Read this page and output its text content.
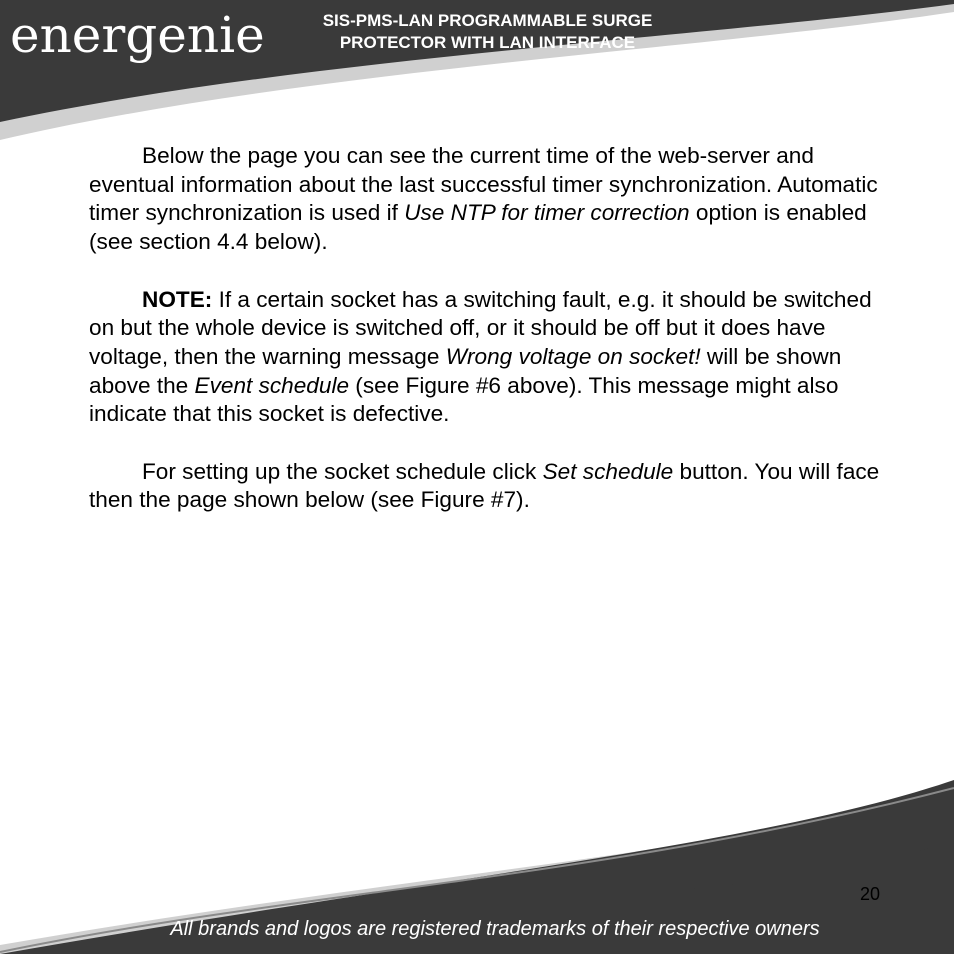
energenie	SIS-PMS-LAN PROGRAMMABLE SURGE
PROTECTOR WITH LAN INTERFACE

Below the page you can see the current time of the web-server and eventual information about the last successful timer synchronization. Automatic timer synchronization is used if Use NTP for timer correction option is enabled (see section 4.4 below).

NOTE: If a certain socket has a switching fault, e.g. it should be switched on but the whole device is switched off, or it should be off but it does have voltage, then the warning message Wrong voltage on socket! will be shown above the Event schedule (see Figure #6 above). This message might also indicate that this socket is defective.

For setting up the socket schedule click Set schedule button. You will face then the page shown below (see Figure #7).

20
All brands and logos are registered trademarks of their respective owners
